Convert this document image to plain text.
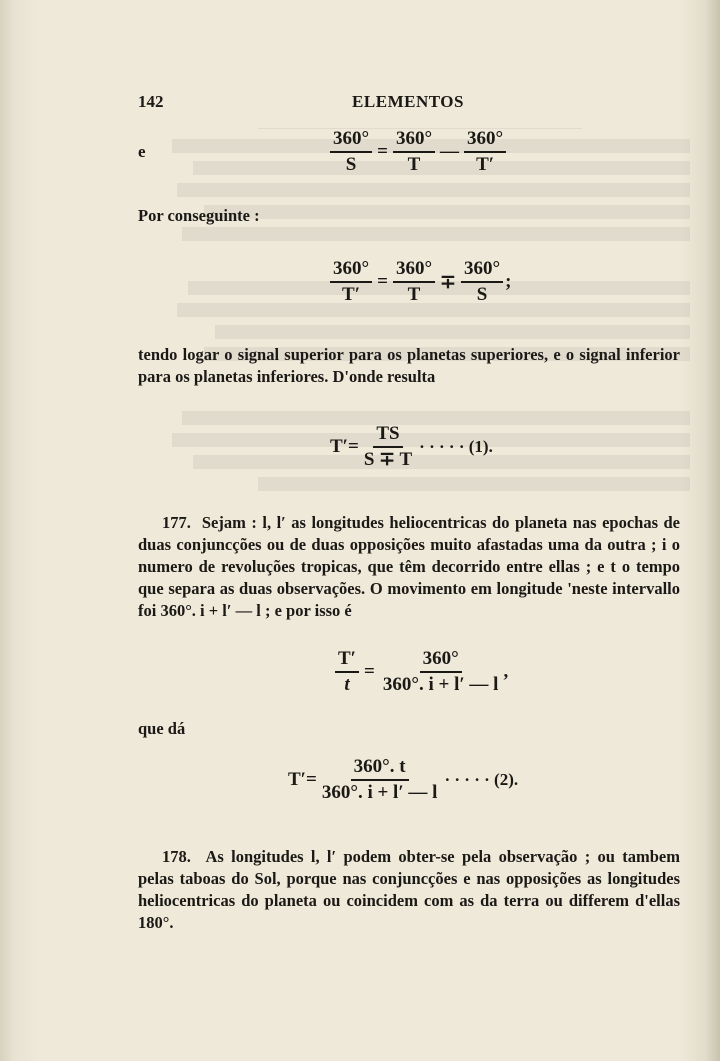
142	ELEMENTOS
e	$\frac{360^\circ}{S} = \frac{360^\circ}{T}$ — $\frac{360^\circ}{T'}$

Por conseguinte :

$\frac{360^\circ}{T'} = \frac{360^\circ}{T} \mp \frac{360^\circ}{S}$ ;

tendo logar o signal superior para os planetas superiores, e o signal inferior para os planetas inferiores. D'onde resulta

$T'= \frac{TS}{S \mp T}$ · · · · · (1).

177. Sejam : l, l′ as longitudes heliocentricas do planeta nas epochas de duas conjuncções ou de duas opposições muito afastadas uma da outra ; i o numero de revoluções tropicas, que têm decorrido entre ellas ; e t o tempo que separa as duas observações. O movimento em longitude 'neste intervallo foi 360°. i + l′ — l ; e por isso é

$\frac{T'}{t} = \frac{360^\circ}{360^\circ. i + l' — l}$ ,

que dá

$T'= \frac{360^\circ. t}{360^\circ. i + l' — l}$ · · · · · (2).

178. As longitudes l, l′ podem obter-se pela observação ; ou tambem pelas taboas do Sol, porque nas conjuncções e nas opposições as longitudes heliocentricas do planeta ou coincidem com as da terra ou differem d'ellas 180°.
